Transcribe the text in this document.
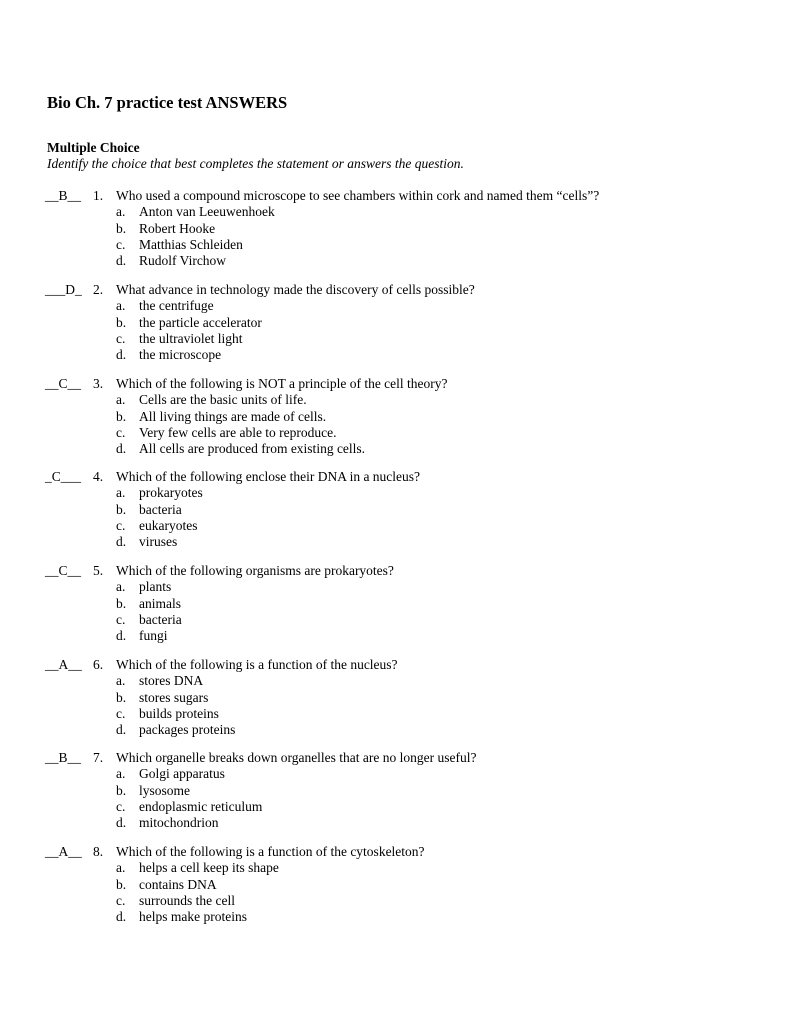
Bio Ch. 7 practice test ANSWERS
Multiple Choice
Identify the choice that best completes the statement or answers the question.
__B__ 1. Who used a compound microscope to see chambers within cork and named them “cells”?
a. Anton van Leeuwenhoek
b. Robert Hooke
c. Matthias Schleiden
d. Rudolf Virchow
___D_ 2. What advance in technology made the discovery of cells possible?
a. the centrifuge
b. the particle accelerator
c. the ultraviolet light
d. the microscope
__C__ 3. Which of the following is NOT a principle of the cell theory?
a. Cells are the basic units of life.
b. All living things are made of cells.
c. Very few cells are able to reproduce.
d. All cells are produced from existing cells.
_C___ 4. Which of the following enclose their DNA in a nucleus?
a. prokaryotes
b. bacteria
c. eukaryotes
d. viruses
__C__ 5. Which of the following organisms are prokaryotes?
a. plants
b. animals
c. bacteria
d. fungi
__A__ 6. Which of the following is a function of the nucleus?
a. stores DNA
b. stores sugars
c. builds proteins
d. packages proteins
__B__ 7. Which organelle breaks down organelles that are no longer useful?
a. Golgi apparatus
b. lysosome
c. endoplasmic reticulum
d. mitochondrion
__A__ 8. Which of the following is a function of the cytoskeleton?
a. helps a cell keep its shape
b. contains DNA
c. surrounds the cell
d. helps make proteins
